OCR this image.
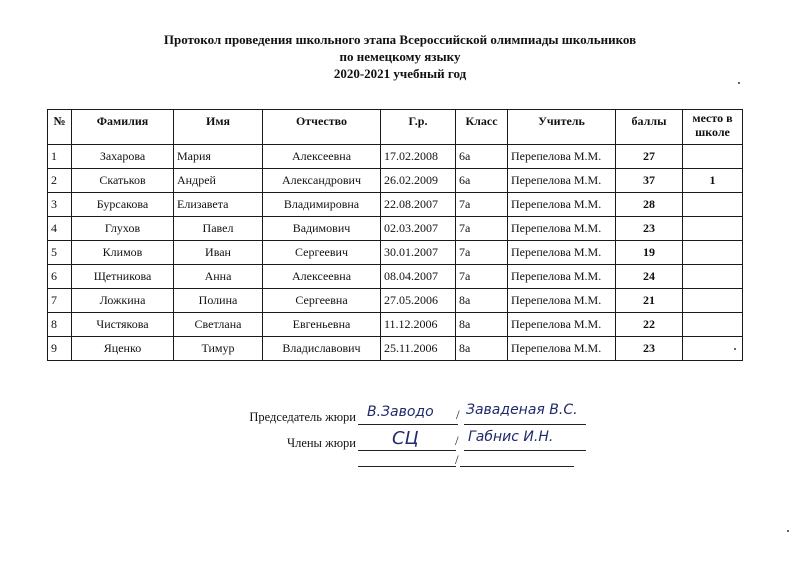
Протокол проведения школьного этапа Всероссийской олимпиады школьников
по немецкому языку
2020-2021 учебный год
№	Фамилия	Имя	Отчество	Г.р.	Класс	Учитель	баллы	место в школе
1	Захарова	Мария	Алексеевна	17.02.2008	6а	Перепелова М.М.	27	
2	Скатьков	Андрей	Александрович	26.02.2009	6а	Перепелова М.М.	37	1
3	Бурсакова	Елизавета	Владимировна	22.08.2007	7а	Перепелова М.М.	28	
4	Глухов	Павел	Вадимович	02.03.2007	7а	Перепелова М.М.	23	
5	Климов	Иван	Сергеевич	30.01.2007	7а	Перепелова М.М.	19	
6	Щетникова	Анна	Алексеевна	08.04.2007	7а	Перепелова М.М.	24	
7	Ложкина	Полина	Сергеевна	27.05.2006	8а	Перепелова М.М.	21	
8	Чистякова	Светлана	Евгеньевна	11.12.2006	8а	Перепелова М.М.	22	
9	Яценко	Тимур	Владиславович	25.11.2006	8а	Перепелова М.М.	23	
Председатель жюри В.Заводо / Заваденая В.С.
Члены жюри СЦ	/ Габнис И.Н.
/
